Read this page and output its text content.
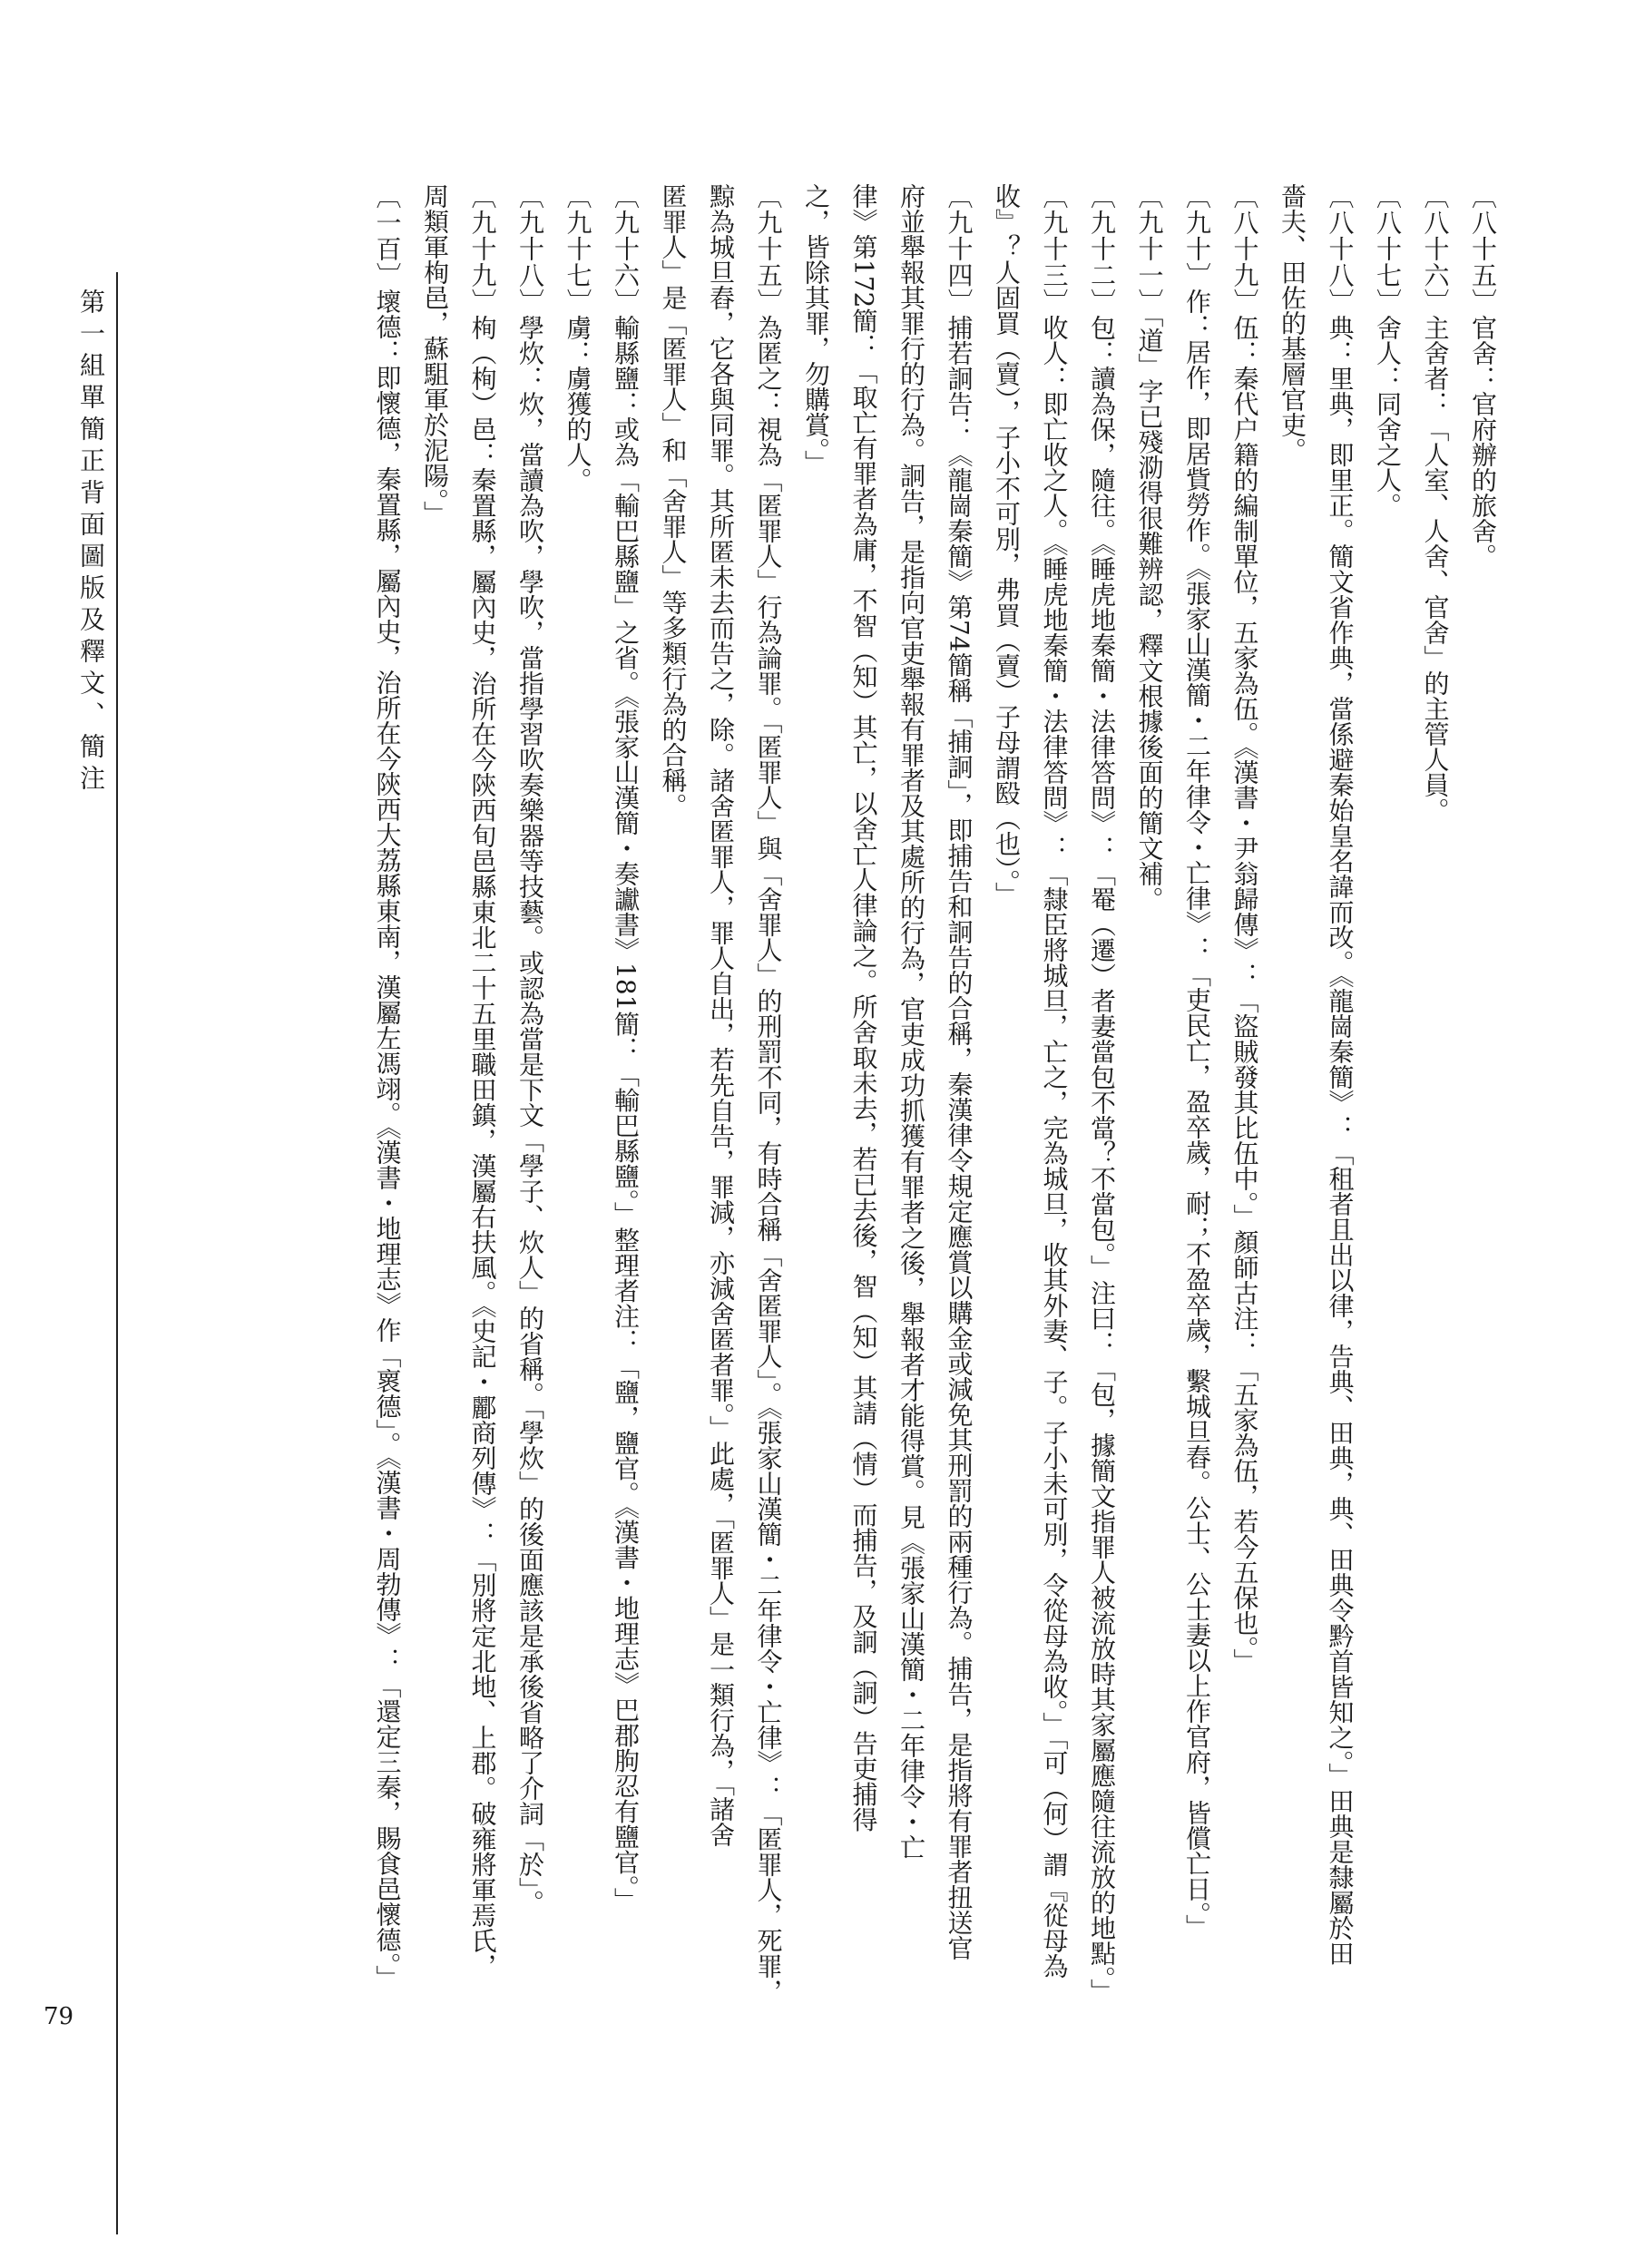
第一組單簡正背面圖版及釋文、簡注
79
〔八十五〕官舍：官府辦的旅舍。
〔八十六〕主舍者：「人室、人舍、官舍」的主管人員。
〔八十七〕舍人：同舍之人。
〔八十八〕典：里典，即里正。簡文省作典，當係避秦始皇名諱而改。《龍崗秦簡》：「租者且出以律，告典、田典，典、田典令黔首皆知之。」田典是隸屬於田
嗇夫、田佐的基層官吏。
〔八十九〕伍：秦代户籍的編制單位，五家為伍。《漢書・尹翁歸傳》：「盜賊發其比伍中。」顏師古注：「五家為伍，若今五保也。」
〔九十〕作：居作，即居貲勞作。《張家山漢簡・二年律令・亡律》：「吏民亡，盈卒歲，耐；不盈卒歲，繫城旦舂。公士、公士妻以上作官府，皆償亡日。」
〔九十一〕「道」字已殘泐得很難辨認，釋文根據後面的簡文補。
〔九十二〕包：讀為保，隨往。《睡虎地秦簡・法律答問》：「罨（遷）者妻當包不當？不當包。」注曰：「包，據簡文指罪人被流放時其家屬應隨往流放的地點。」
〔九十三〕收人：即亡收之人。《睡虎地秦簡・法律答問》：「隸臣將城旦，亡之，完為城旦，收其外妻、子。子小未可別，令從母為收。」「可（何）謂『從母為
收』？人固買（賣），子小不可別，弗買（賣）子母謂殹（也）。」
〔九十四〕捕若詗告：《龍崗秦簡》第74簡稱「捕詗」，即捕告和詗告的合稱，秦漢律令規定應賞以購金或減免其刑罰的兩種行為。捕告，是指將有罪者扭送官
府並舉報其罪行的行為。詗告，是指向官吏舉報有罪者及其處所的行為，官吏成功抓獲有罪者之後，舉報者才能得賞。見《張家山漢簡・二年律令・亡
律》第172簡：「取亡有罪者為庸，不智（知）其亡，以舍亡人律論之。所舍取未去，若已去後，智（知）其請（情）而捕告，及詗（詗）告吏捕得
之，皆除其罪，勿購賞。」
〔九十五〕為匿之：視為「匿罪人」行為論罪。「匿罪人」與「舍罪人」的刑罰不同，有時合稱「舍匿罪人」。《張家山漢簡・二年律令・亡律》：「匿罪人，死罪，
黥為城旦舂，它各與同罪。其所匿未去而告之，除。諸舍匿罪人，罪人自出，若先自告，罪減，亦減舍匿者罪。」此處，「匿罪人」是一類行為，「諸舍
匿罪人」是「匿罪人」和「舍罪人」等多類行為的合稱。
〔九十六〕輸縣鹽：或為「輸巴縣鹽」之省。《張家山漢簡・奏讞書》181簡：「輸巴縣鹽。」整理者注：「鹽，鹽官。《漢書・地理志》巴郡朐忍有鹽官。」
〔九十七〕虜：虜獲的人。
〔九十八〕學炊：炊，當讀為吹，學吹，當指學習吹奏樂器等技藝。或認為當是下文「學子、炊人」的省稱。「學炊」的後面應該是承後省略了介詞「於」。
〔九十九〕栒（栒）邑：秦置縣，屬內史，治所在今陝西旬邑縣東北二十五里職田鎮，漢屬右扶風。《史記・酈商列傳》：「別將定北地、上郡。破雍將軍焉氏，
周類軍栒邑，蘇駔軍於泥陽。」
〔一百〕壞德：即懷德，秦置縣，屬內史，治所在今陝西大荔縣東南，漢屬左馮翊。《漢書・地理志》作「褱德」。《漢書・周勃傳》：「還定三秦，賜食邑懷德。」
